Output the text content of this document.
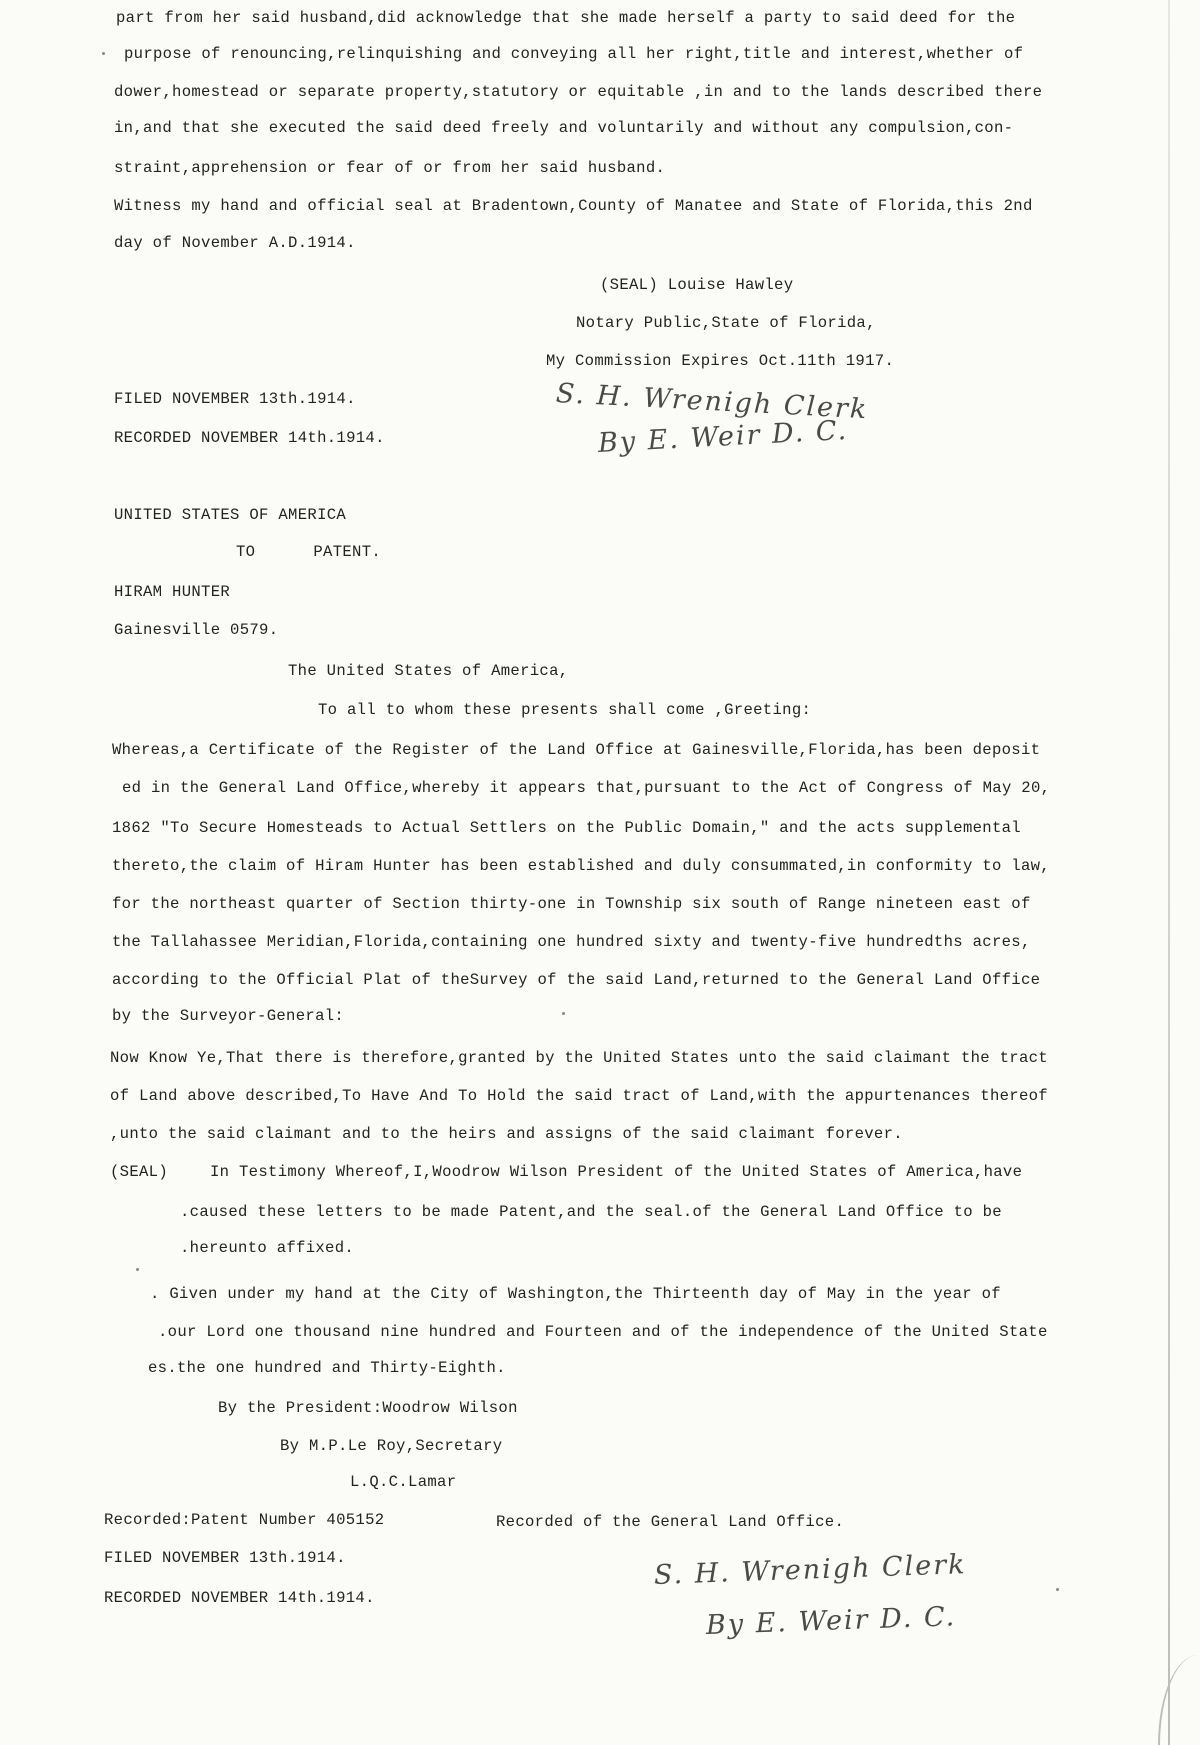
part from her said husband,did acknowledge that she made herself a party to said deed for the
purpose of renouncing,relinquishing and conveying all her right,title and interest,whether of
dower,homestead or separate property,statutory or equitable ,in and to the lands described there
in,and that she executed the said deed freely and voluntarily and without any compulsion,con-
straint,apprehension or fear of or from her said husband.
Witness my hand and official seal at Bradentown,County of Manatee and State of Florida,this 2nd
day of November A.D.1914.
(SEAL) Louise Hawley
Notary Public,State of Florida,
My Commission Expires Oct.11th 1917.
FILED NOVEMBER 13th.1914.
RECORDED NOVEMBER 14th.1914.
S. H. Wrenigh Clerk
By E. Weir D. C.
UNITED STATES OF AMERICA
TO      PATENT.
HIRAM HUNTER
Gainesville 0579.
The United States of America,
To all to whom these presents shall come ,Greeting:
Whereas,a Certificate of the Register of the Land Office at Gainesville,Florida,has been deposit
ed in the General Land Office,whereby it appears that,pursuant to the Act of Congress of May 20,
1862 "To Secure Homesteads to Actual Settlers on the Public Domain," and the acts supplemental
thereto,the claim of Hiram Hunter has been established and duly consummated,in conformity to law,
for the northeast quarter of Section thirty-one in Township six south of Range nineteen east of
the Tallahassee Meridian,Florida,containing one hundred sixty and twenty-five hundredths acres,
according to the Official Plat of theSurvey of the said Land,returned to the General Land Office
by the Surveyor-General:
Now Know Ye,That there is therefore,granted by the United States unto the said claimant the tract
of Land above described,To Have And To Hold the said tract of Land,with the appurtenances thereof
,unto the said claimant and to the heirs and assigns of the said claimant forever.
(SEAL)	In Testimony Whereof,I,Woodrow Wilson President of the United States of America,have
.caused these letters to be made Patent,and the seal.of the General Land Office to be
.hereunto affixed.
. Given under my hand at the City of Washington,the Thirteenth day of May in the year of
.our Lord one thousand nine hundred and Fourteen and of the independence of the United State
es.the one hundred and Thirty-Eighth.
By the President:Woodrow Wilson
By M.P.Le Roy,Secretary
L.Q.C.Lamar
Recorded:Patent Number 405152	Recorded of the General Land Office.
FILED NOVEMBER 13th.1914.
RECORDED NOVEMBER 14th.1914.
S. H. Wrenigh Clerk
By E. Weir D. C.
